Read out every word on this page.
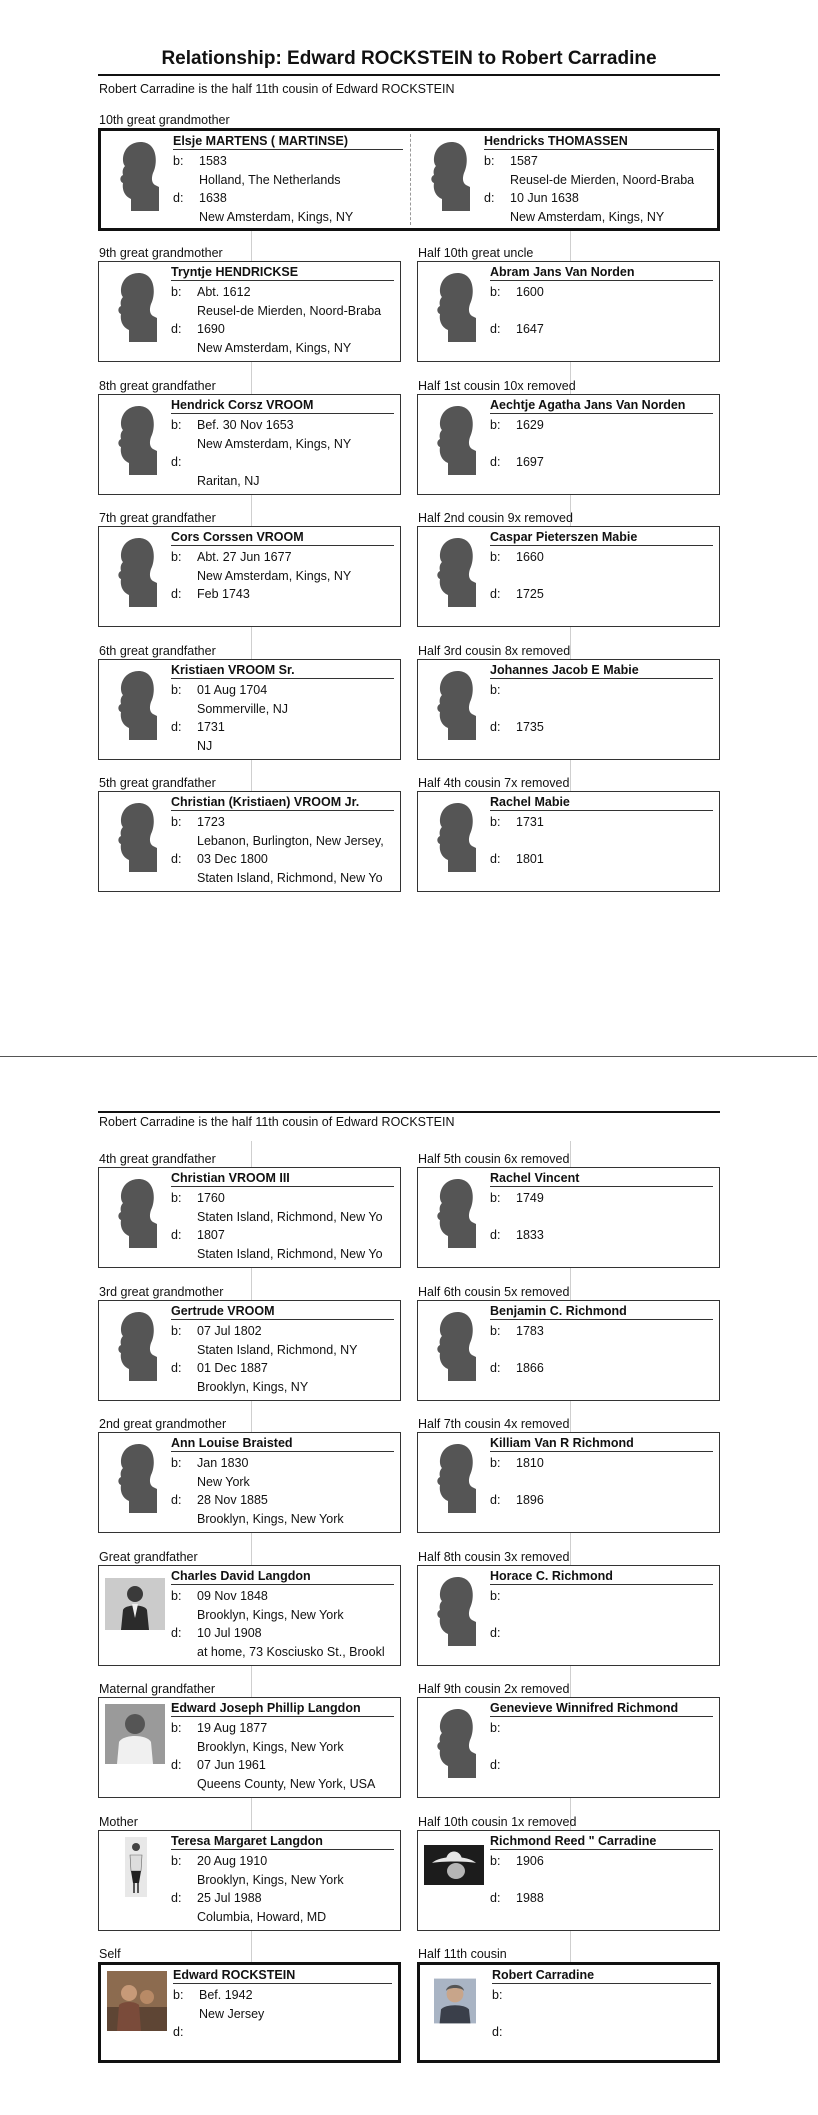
Relationship: Edward ROCKSTEIN to Robert Carradine
Robert Carradine is the half 11th cousin of Edward ROCKSTEIN
10th great grandmother
Elsje MARTENS ( MARTINSE)
b: 1583
Holland, The Netherlands
d: 1638
New Amsterdam, Kings, NY
Hendricks THOMASSEN
b: 1587
Reusel-de Mierden, Noord-Braba
d: 10 Jun 1638
New Amsterdam, Kings, NY
9th great grandmother
Tryntje HENDRICKSE
b: Abt. 1612
Reusel-de Mierden, Noord-Braba
d: 1690
New Amsterdam, Kings, NY
Half 10th great uncle
Abram Jans Van Norden
b: 1600
d: 1647
8th great grandfather
Hendrick Corsz VROOM
b: Bef. 30 Nov 1653
New Amsterdam, Kings, NY
d:
Raritan, NJ
Half 1st cousin 10x removed
Aechtje Agatha Jans Van Norden
b: 1629
d: 1697
7th great grandfather
Cors Corssen VROOM
b: Abt. 27 Jun 1677
New Amsterdam, Kings, NY
d: Feb 1743
Half 2nd cousin 9x removed
Caspar Pieterszen Mabie
b: 1660
d: 1725
6th great grandfather
Kristiaen VROOM Sr.
b: 01 Aug 1704
Sommerville, NJ
d: 1731
NJ
Half 3rd cousin 8x removed
Johannes Jacob E Mabie
b:
d: 1735
5th great grandfather
Christian (Kristiaen) VROOM Jr.
b: 1723
Lebanon, Burlington, New Jersey,
d: 03 Dec 1800
Staten Island, Richmond, New Yo
Half 4th cousin 7x removed
Rachel Mabie
b: 1731
d: 1801
Robert Carradine is the half 11th cousin of Edward ROCKSTEIN
4th great grandfather
Christian VROOM III
b: 1760
Staten Island, Richmond, New Yo
d: 1807
Staten Island, Richmond, New Yo
Half 5th cousin 6x removed
Rachel Vincent
b: 1749
d: 1833
3rd great grandmother
Gertrude VROOM
b: 07 Jul 1802
Staten Island, Richmond, NY
d: 01 Dec 1887
Brooklyn, Kings, NY
Half 6th cousin 5x removed
Benjamin C. Richmond
b: 1783
d: 1866
2nd great grandmother
Ann Louise Braisted
b: Jan 1830
New York
d: 28 Nov 1885
Brooklyn, Kings, New York
Half 7th cousin 4x removed
Killiam Van R Richmond
b: 1810
d: 1896
Great grandfather
Charles David Langdon
b: 09 Nov 1848
Brooklyn, Kings, New York
d: 10 Jul 1908
at home, 73 Kosciusko St., Brookl
Half 8th cousin 3x removed
Horace C. Richmond
b:
d:
Maternal grandfather
Edward Joseph Phillip Langdon
b: 19 Aug 1877
Brooklyn, Kings, New York
d: 07 Jun 1961
Queens County, New York, USA
Half 9th cousin 2x removed
Genevieve Winnifred Richmond
b:
d:
Mother
Teresa Margaret Langdon
b: 20 Aug 1910
Brooklyn, Kings, New York
d: 25 Jul 1988
Columbia, Howard, MD
Half 10th cousin 1x removed
Richmond Reed " Carradine
b: 1906
d: 1988
Self
Edward ROCKSTEIN
b: Bef. 1942
New Jersey
d:
Half 11th cousin
Robert Carradine
b:
d:
